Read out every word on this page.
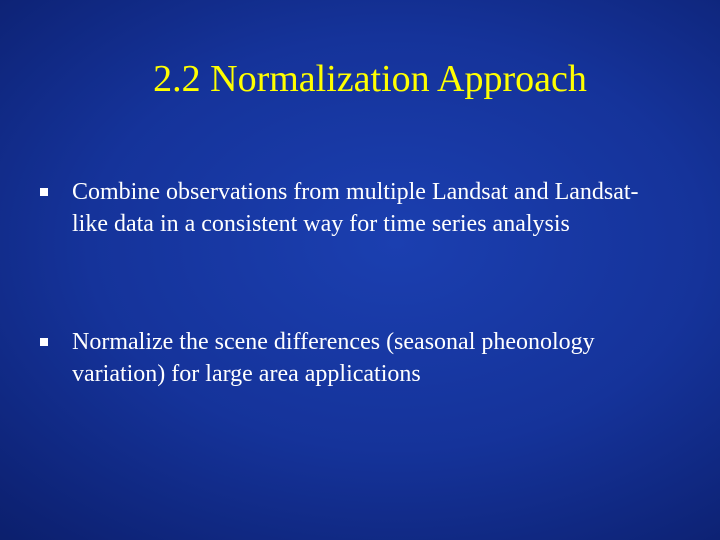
2.2 Normalization Approach
Combine observations from multiple Landsat and Landsat-like data in a consistent way for time series analysis
Normalize the scene differences (seasonal pheonology variation) for large area applications
